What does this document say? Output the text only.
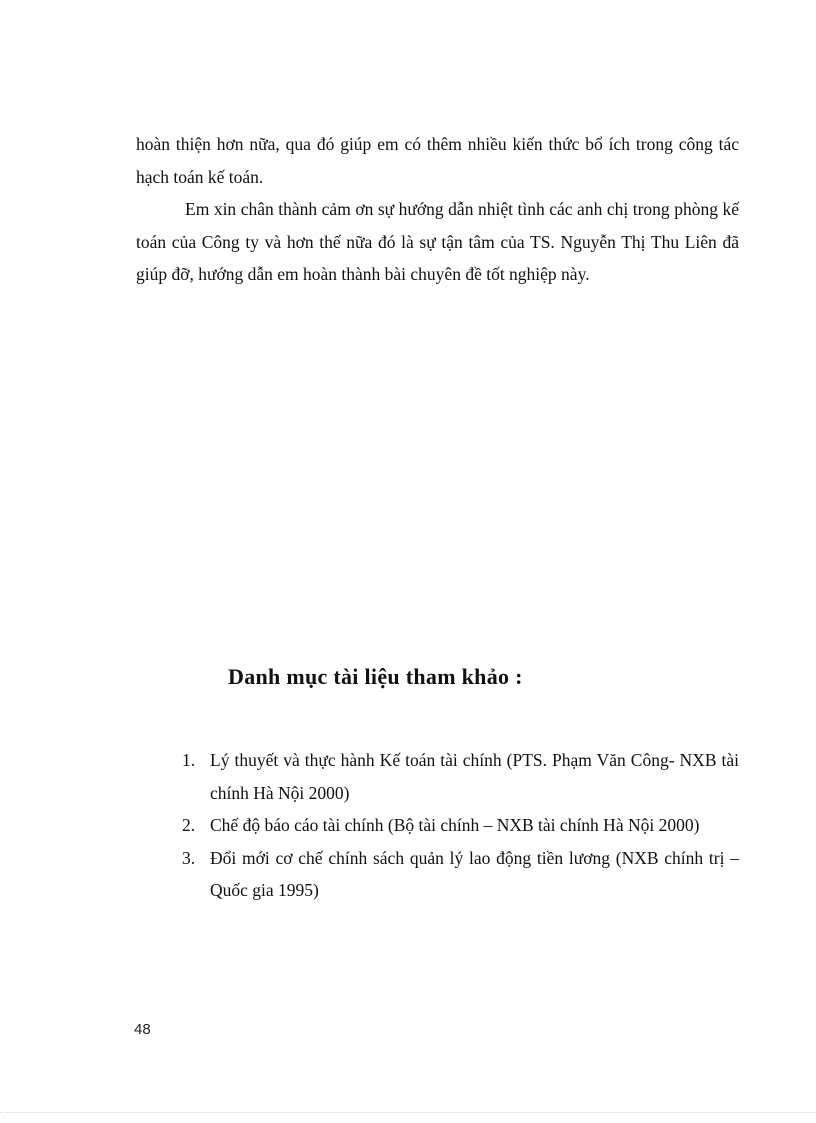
hoàn thiện hơn nữa, qua đó giúp em có thêm nhiều kiến thức bổ ích trong công tác hạch toán kế toán.

Em xin chân thành cảm ơn sự hướng dẫn nhiệt tình các anh chị trong phòng kế toán của Công ty và hơn thế nữa đó là sự tận tâm của TS. Nguyễn Thị Thu Liên đã giúp đỡ, hướng dẫn em hoàn thành bài chuyên đề tốt nghiệp này.

Danh mục tài liệu tham khảo :
1. Lý thuyết và thực hành Kế toán tài chính (PTS. Phạm Văn Công- NXB tài chính Hà Nội 2000)
2. Chế độ báo cáo tài chính (Bộ tài chính – NXB tài chính Hà Nội 2000)
3. Đổi mới cơ chế chính sách quản lý lao động tiền lương (NXB chính trị – Quốc gia 1995)
48
